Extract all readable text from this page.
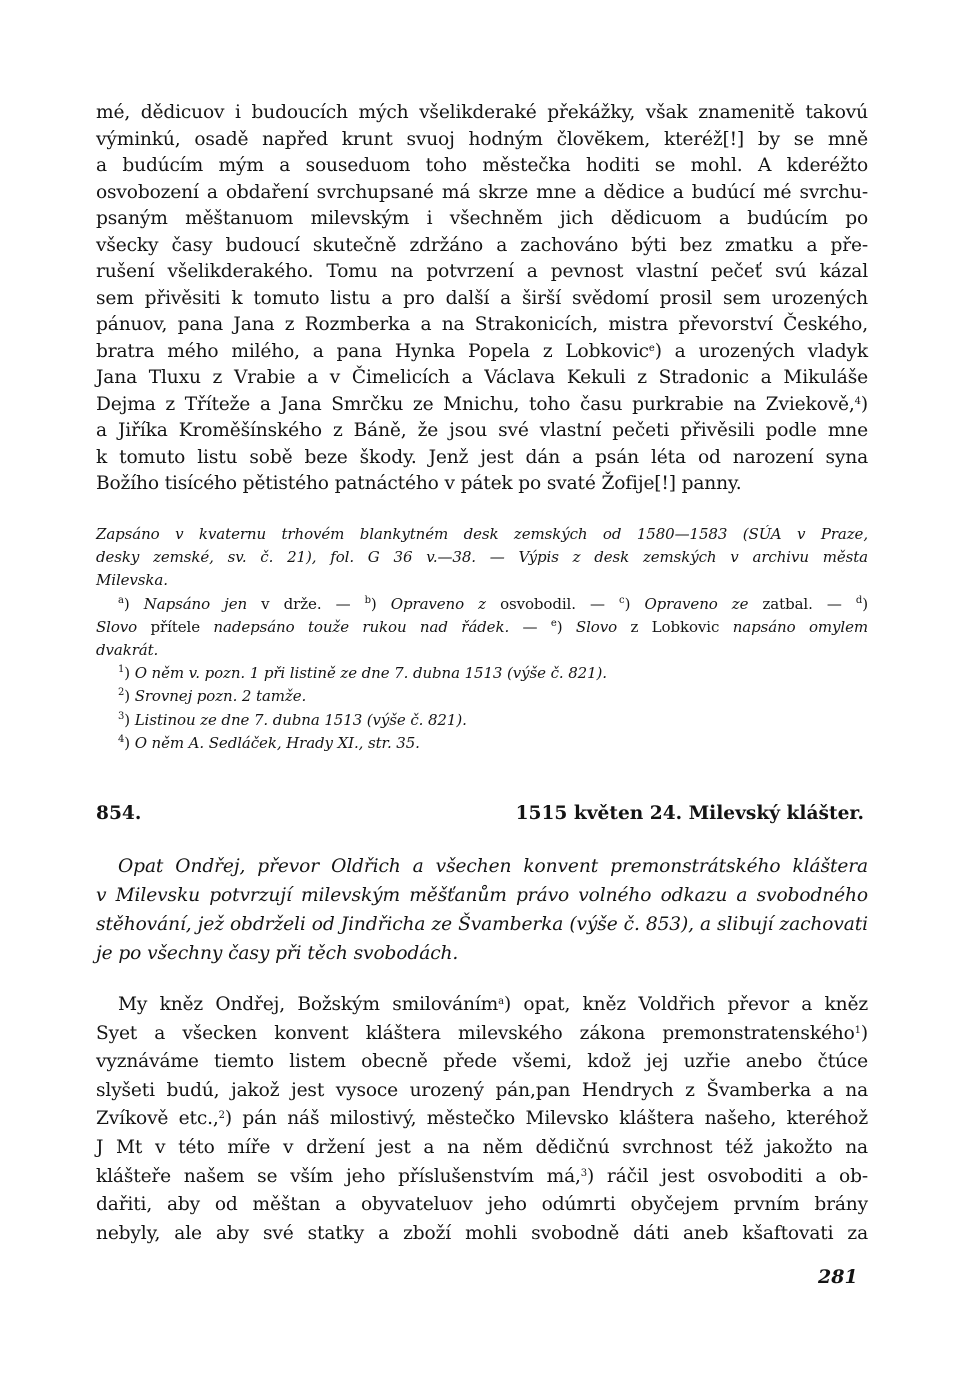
mé, dědicuov i budoucích mých všelikderaké překážky, však znamenitě takovú
výminkú, osadě napřed krunt svuoj hodným človĕkem, kteréž[!] by se mně
a budúcím mým a souseduom toho městečka hoditi se mohl. A kderéžto
osvobození a obdaření svrchupsané má skrze mne a dědice a budúcí mé svrchu-
psaným měštanuom milevským i všechněm jich dědicuom a budúcím po
všecky časy budoucí skutečně zdržáno a zachováno býti bez zmatku a pře-
rušení všelikderakého. Tomu na potvrzení a pevnost vlastní pečeť svú kázal
sem přivěsiti k tomuto listu a pro další a širší svědomí prosil sem urozených
pánuov, pana Jana z Rozmberka a na Strakonicích, mistra převorství Českého,
bratra mého milého, a pana Hynka Popela z Lobkovic$^e$) a urozených vladyk
Jana Tluxu z Vrabie a v Čimelicích a Václava Kekuli z Stradonic a Mikuláše
Dejma z Třítežе a Jana Smrčku ze Mnichu, toho času purkrabie na Zviekově,$^4$)
a Jiříka Kroměšínského z Báně, že jsou své vlastní pečeti přivěsili podle mne
k tomuto listu sobě beze škody. Jenž jest dán a psán léta od narození syna
Božího tisícého pětistého patnáctého v pátek po svaté Žofije[!] panny.
Zapsáno v kvaternu trhovém blankytném desk zemských od 1580—1583 (SÚA v Praze,
desky zemské, sv. č. 21), fol. G 36 v.—38. — Výpis z desk zemských v archivu města
Milevska.
$^a$) Napsáno jen v drže. — $^b$) Opraveno z osvobodil. — $^c$) Opraveno ze zatbal. — $^d$)
Slovo přítele nadepsáno touže rukou nad řádek. — $^e$) Slovo z Lobkovic napsáno omylem
dvakrát.
$^1$) O něm v. pozn. 1 při listině ze dne 7. dubna 1513 (výše č. 821).
$^2$) Srovnej pozn. 2 tamže.
$^3$) Listinou ze dne 7. dubna 1513 (výše č. 821).
$^4$) O něm A. Sedláček, Hrady XI., str. 35.
854.	1515 květen 24. Milevský klášter.
Opat Ondřej, převor Oldřich a všechen konvent premonstrátského kláštera
v Milevsku potvrzují milevským měšťanům právo volného odkazu a svobodného
stěhování, jež obdrželi od Jindřicha ze Švamberka (výše č. 853), a slibují zachovati
je po všechny časy při těch svobodách.
My kněz Ondřej, Božským smilováním$^a$) opat, kněz Voldřich převor a kněz
Syet a všecken konvent kláštera milevského zákona premonstratenského$^1$)
vyznáváme tiemto listem obecně přede všemi, kdož jej uzřie anebo čtúce
slyšeti budú, jakož jest vysoce urozený pán,pan Hendrych z Švamberka a na
Zvíkově etc.,$^2$) pán náš milostivý, městečko Milevsko kláštera našeho, kteréhož
J Mt v této míře v držení jest a na něm dědičnú svrchnost též jakožto na
klášteře našem se vším jeho příslušenstvím má,$^3$) ráčil jest osvoboditi a ob-
dařiti, aby od měštan a obyvateluov jeho odúmrti obyčejem prvním brány
nebyly, ale aby své statky a zboží mohli svobodně dáti aneb kšaftovati za
281
